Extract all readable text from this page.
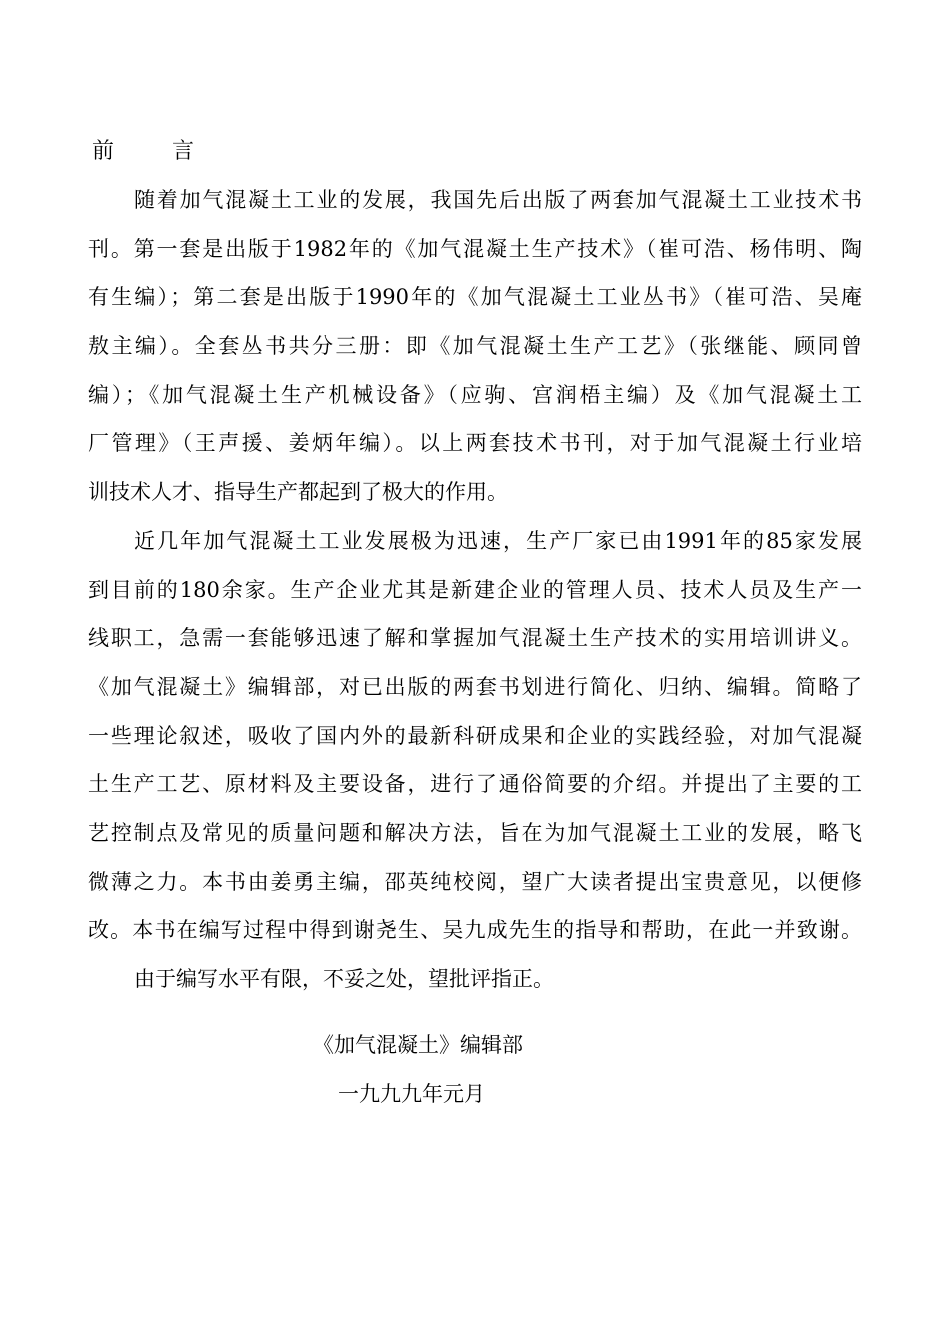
前	言
随着加气混凝土工业的发展，我国先后出版了两套加气混凝土工业技术书
刊。第一套是出版于1982年的《加气混凝土生产技术》（崔可浩、杨伟明、陶
有生编）；第二套是出版于1990年的《加气混凝土工业丛书》（崔可浩、吴庵
敖主编）。全套丛书共分三册：即《加气混凝土生产工艺》（张继能、顾同曾
编）；《加气混凝土生产机械设备》（应驹、宫润梧主编）及《加气混凝土工
厂管理》（王声援、姜炳年编）。以上两套技术书刊，对于加气混凝土行业培
训技术人才、指导生产都起到了极大的作用。
近几年加气混凝土工业发展极为迅速，生产厂家已由1991年的85家发展
到目前的180余家。生产企业尤其是新建企业的管理人员、技术人员及生产一
线职工，急需一套能够迅速了解和掌握加气混凝土生产技术的实用培训讲义。
《加气混凝土》编辑部，对已出版的两套书划进行简化、归纳、编辑。简略了
一些理论叙述，吸收了国内外的最新科研成果和企业的实践经验，对加气混凝
土生产工艺、原材料及主要设备，进行了通俗简要的介绍。并提出了主要的工
艺控制点及常见的质量问题和解决方法，旨在为加气混凝土工业的发展，略飞
微薄之力。本书由姜勇主编，邵英纯校阅，望广大读者提出宝贵意见，以便修
改。本书在编写过程中得到谢尧生、吴九成先生的指导和帮助，在此一并致谢。
由于编写水平有限，不妥之处，望批评指正。
《加气混凝土》编辑部
一九九九年元月
